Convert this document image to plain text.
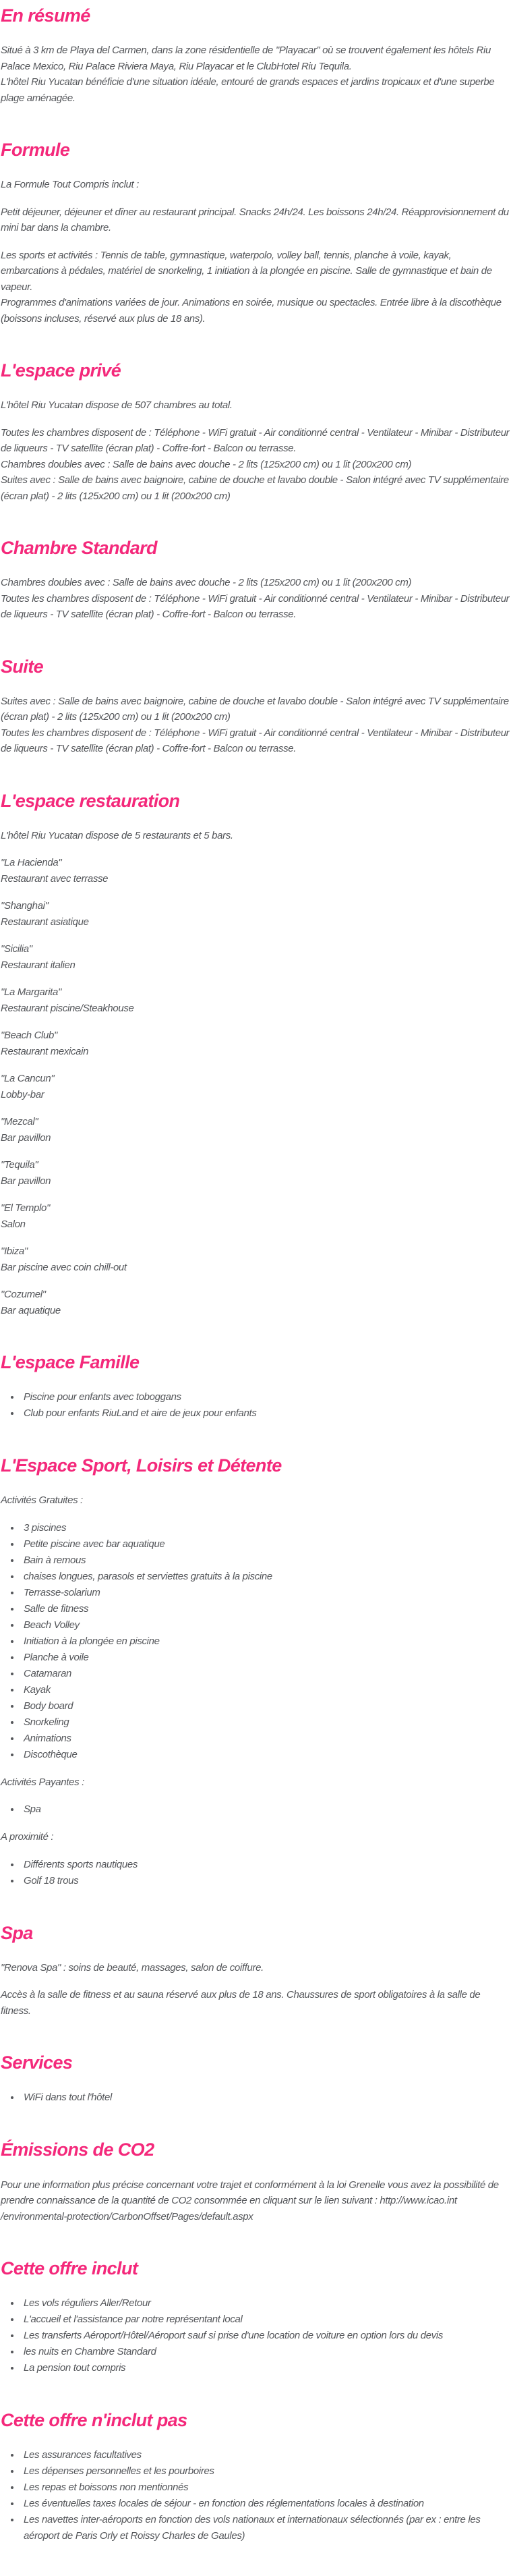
En résumé

Situé à 3 km de Playa del Carmen, dans la zone résidentielle de "Playacar" où se trouvent également les hôtels Riu Palace Mexico, Riu Palace Riviera Maya, Riu Playacar et le ClubHotel Riu Tequila.
L'hôtel Riu Yucatan bénéficie d'une situation idéale, entouré de grands espaces et jardins tropicaux et d'une superbe plage aménagée.

Formule

La Formule Tout Compris inclut :

Petit déjeuner, déjeuner et dîner au restaurant principal. Snacks 24h/24. Les boissons 24h/24. Réapprovisionnement du mini bar dans la chambre.

Les sports et activités : Tennis de table, gymnastique, waterpolo, volley ball, tennis, planche à voile, kayak, embarcations à pédales, matériel de snorkeling, 1 initiation à la plongée en piscine. Salle de gymnastique et bain de vapeur.
Programmes d'animations variées de jour. Animations en soirée, musique ou spectacles. Entrée libre à la discothèque (boissons incluses, réservé aux plus de 18 ans).

L'espace privé

L'hôtel Riu Yucatan dispose de 507 chambres au total.

Toutes les chambres disposent de : Téléphone - WiFi gratuit - Air conditionné central - Ventilateur - Minibar - Distributeur de liqueurs - TV satellite (écran plat) - Coffre-fort - Balcon ou terrasse.
Chambres doubles avec : Salle de bains avec douche - 2 lits (125x200 cm) ou 1 lit (200x200 cm)
Suites avec : Salle de bains avec baignoire, cabine de douche et lavabo double - Salon intégré avec TV supplémentaire (écran plat) - 2 lits (125x200 cm) ou 1 lit (200x200 cm)

Chambre Standard

Chambres doubles avec : Salle de bains avec douche - 2 lits (125x200 cm) ou 1 lit (200x200 cm)
Toutes les chambres disposent de : Téléphone - WiFi gratuit - Air conditionné central - Ventilateur - Minibar - Distributeur de liqueurs - TV satellite (écran plat) - Coffre-fort - Balcon ou terrasse.

Suite

Suites avec : Salle de bains avec baignoire, cabine de douche et lavabo double - Salon intégré avec TV supplémentaire (écran plat) - 2 lits (125x200 cm) ou 1 lit (200x200 cm)
Toutes les chambres disposent de : Téléphone - WiFi gratuit - Air conditionné central - Ventilateur - Minibar - Distributeur de liqueurs - TV satellite (écran plat) - Coffre-fort - Balcon ou terrasse.

L'espace restauration

L'hôtel Riu Yucatan dispose de 5 restaurants et 5 bars.

"La Hacienda"
Restaurant avec terrasse

"Shanghai"
Restaurant asiatique

"Sicilia"
Restaurant italien

"La Margarita"
Restaurant piscine/Steakhouse

"Beach Club"
Restaurant mexicain

"La Cancun"
Lobby-bar

"Mezcal"
Bar pavillon

"Tequila"
Bar pavillon

"El Templo"
Salon

"Ibiza"
Bar piscine avec coin chill-out

"Cozumel"
Bar aquatique

L'espace Famille
• Piscine pour enfants avec toboggans
• Club pour enfants RiuLand et aire de jeux pour enfants
L'Espace Sport, Loisirs et Détente

Activités Gratuites :

• 3 piscines
• Petite piscine avec bar aquatique
• Bain à remous
• chaises longues, parasols et serviettes gratuits à la piscine
• Terrasse-solarium
• Salle de fitness
• Beach Volley
• Initiation à la plongée en piscine
• Planche à voile
• Catamaran
• Kayak
• Body board
• Snorkeling
• Animations
• Discothèque

Activités Payantes :

• Spa

A proximité :

• Différents sports nautiques
• Golf 18 trous
Spa

"Renova Spa" : soins de beauté, massages, salon de coiffure.

Accès à la salle de fitness et au sauna réservé aux plus de 18 ans. Chaussures de sport obligatoires à la salle de fitness.

Services
• WiFi dans tout l'hôtel
Émissions de CO2

Pour une information plus précise concernant votre trajet et conformément à la loi Grenelle vous avez la possibilité de prendre connaissance de la quantité de CO2 consommée en cliquant sur le lien suivant : http://www.icao.int /environmental-protection/CarbonOffset/Pages/default.aspx

Cette offre inclut
• Les vols réguliers Aller/Retour
• L'accueil et l'assistance par notre représentant local
• Les transferts Aéroport/Hôtel/Aéroport sauf si prise d'une location de voiture en option lors du devis
• les nuits en Chambre Standard
• La pension tout compris
Cette offre n'inclut pas
• Les assurances facultatives
• Les dépenses personnelles et les pourboires
• Les repas et boissons non mentionnés
• Les éventuelles taxes locales de séjour - en fonction des réglementations locales à destination
• Les navettes inter-aéroports en fonction des vols nationaux et internationaux sélectionnés (par ex : entre les aéroport de Paris Orly et Roissy Charles de Gaules)
